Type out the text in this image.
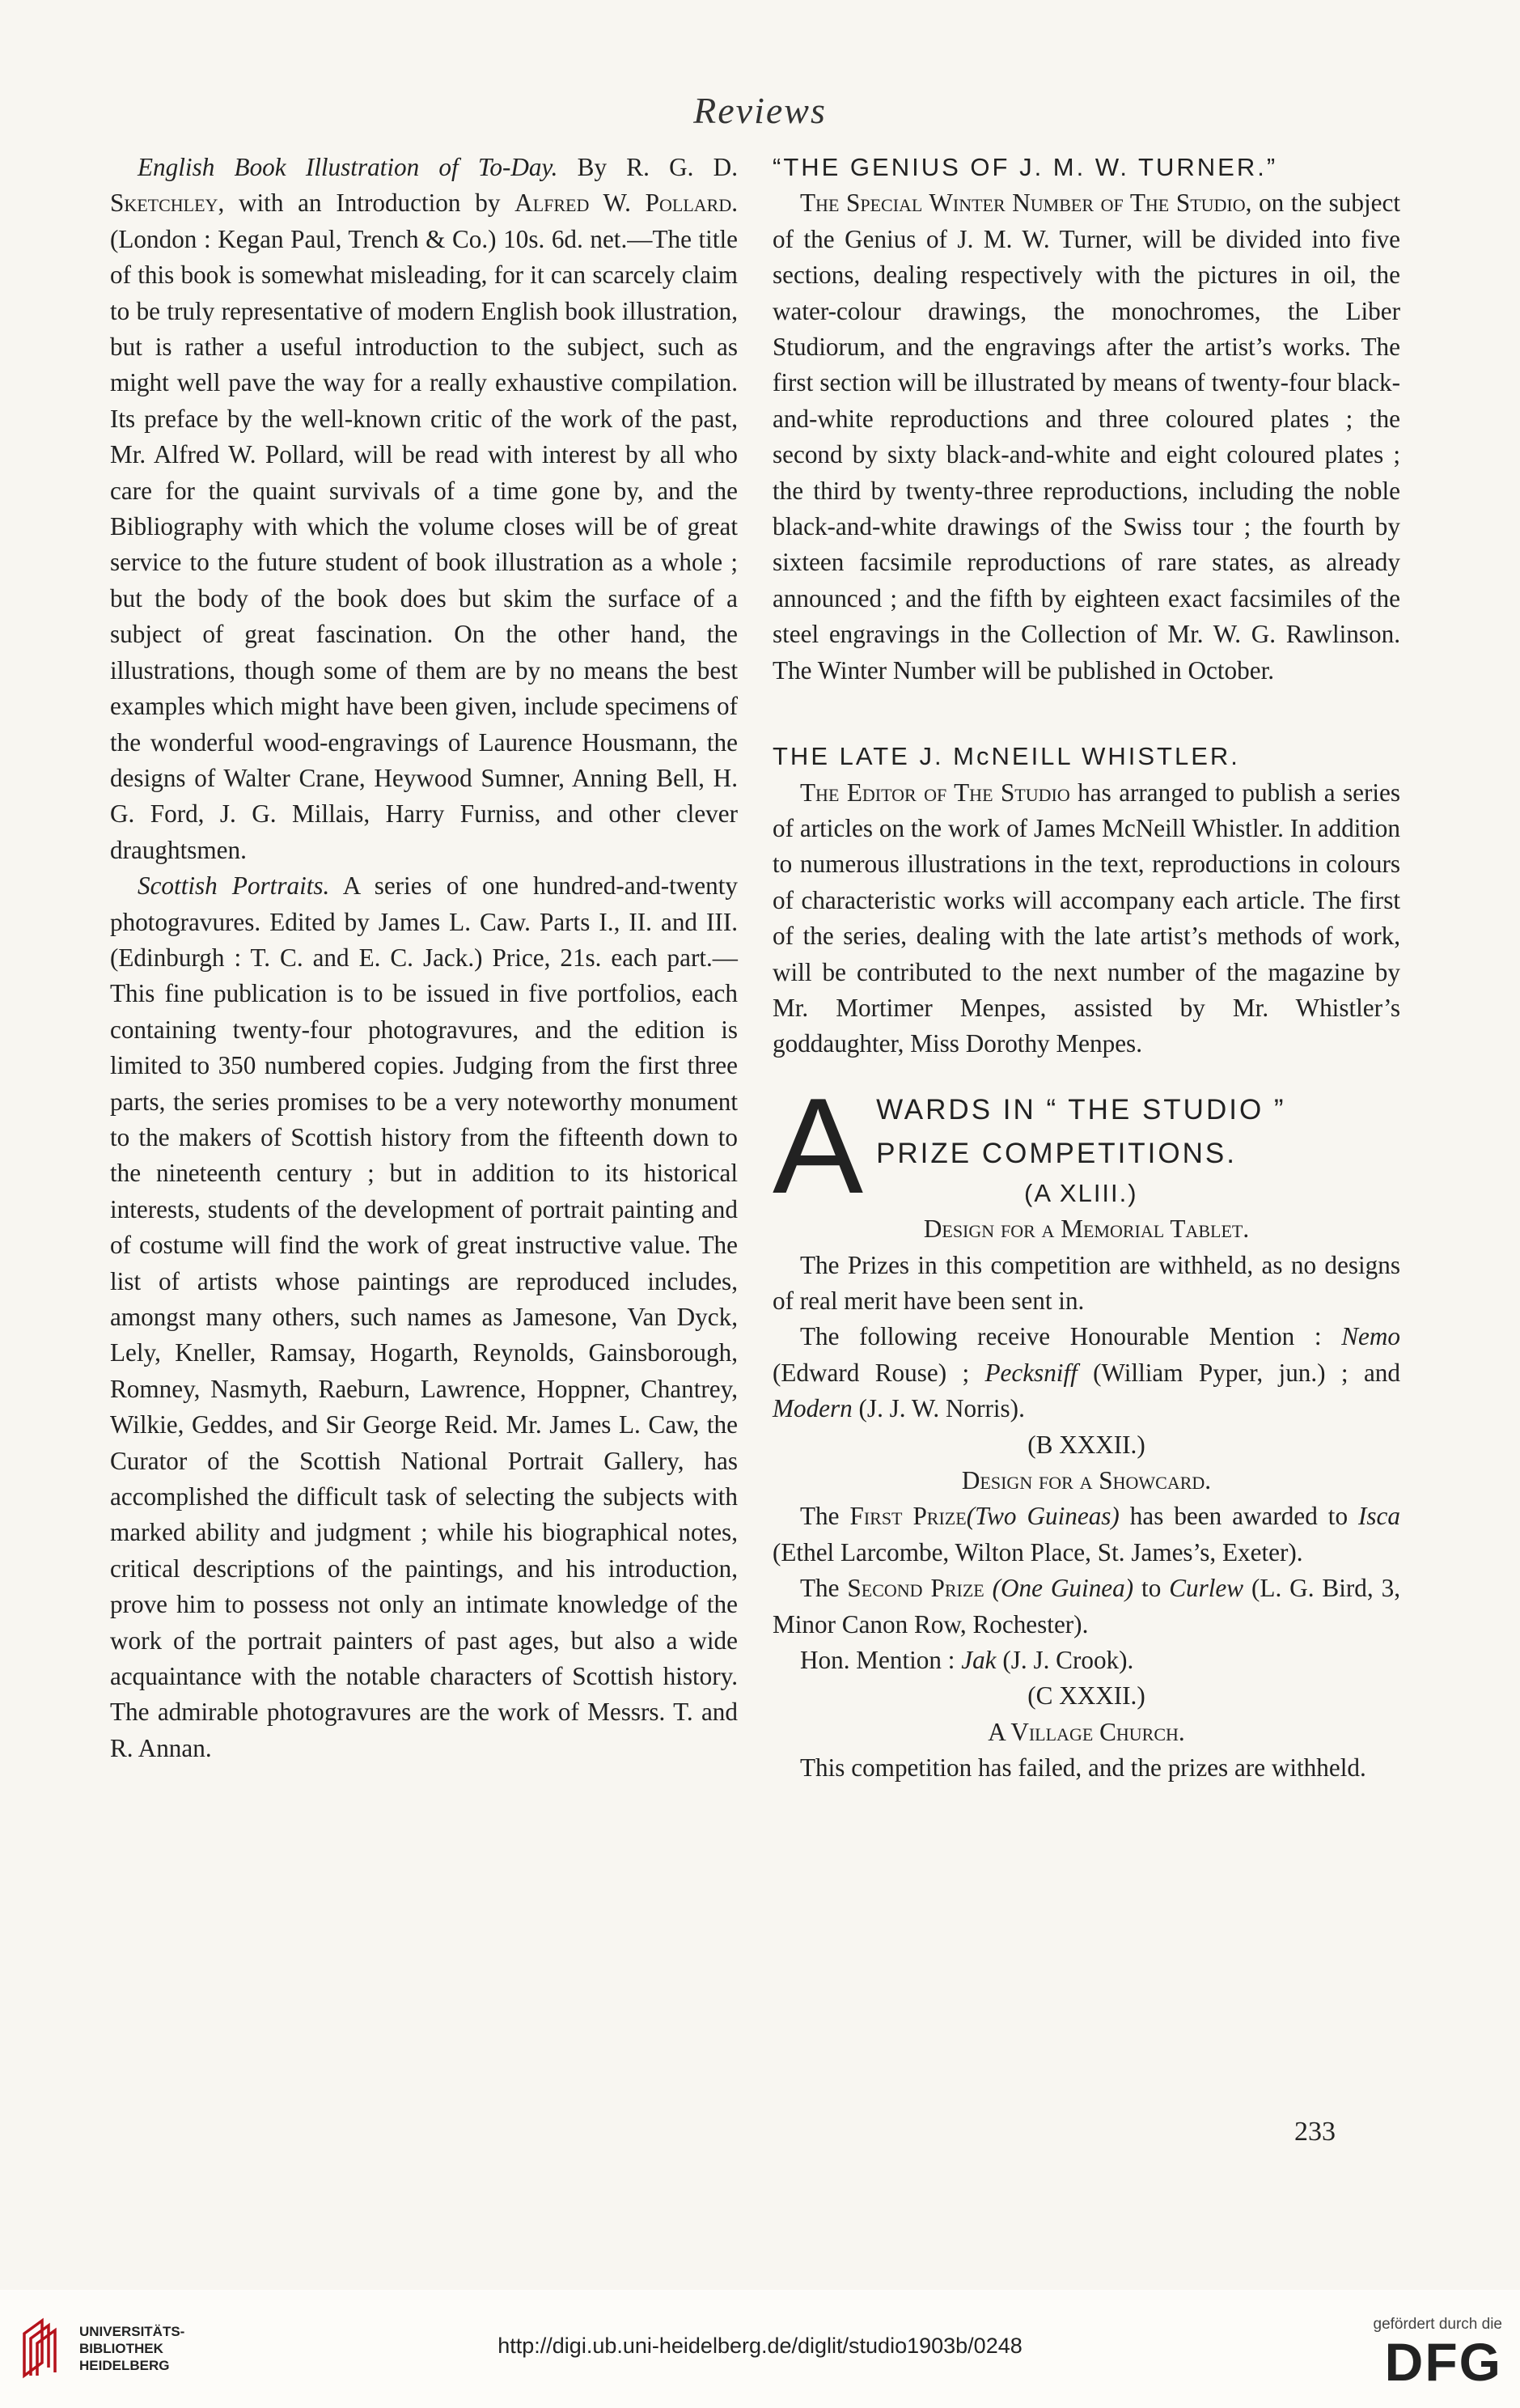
Reviews

English Book Illustration of To-Day. By R. G. D. Sketchley, with an Introduction by Alfred W. Pollard. (London : Kegan Paul, Trench & Co.) 10s. 6d. net.—The title of this book is somewhat misleading, for it can scarcely claim to be truly representative of modern English book illustration, but is rather a useful introduction to the subject, such as might well pave the way for a really exhaustive compilation. Its preface by the well-known critic of the work of the past, Mr. Alfred W. Pollard, will be read with interest by all who care for the quaint survivals of a time gone by, and the Bibliography with which the volume closes will be of great service to the future student of book illustration as a whole ; but the body of the book does but skim the surface of a subject of great fascination. On the other hand, the illustrations, though some of them are by no means the best examples which might have been given, include specimens of the wonderful wood-engravings of Laurence Housmann, the designs of Walter Crane, Heywood Sumner, Anning Bell, H. G. Ford, J. G. Millais, Harry Furniss, and other clever draughtsmen.

Scottish Portraits. A series of one hundred-and-twenty photogravures. Edited by James L. Caw. Parts I., II. and III. (Edinburgh : T. C. and E. C. Jack.) Price, 21s. each part.—This fine publication is to be issued in five portfolios, each containing twenty-four photogravures, and the edition is limited to 350 numbered copies. Judging from the first three parts, the series promises to be a very noteworthy monument to the makers of Scottish history from the fifteenth down to the nineteenth century ; but in addition to its historical interests, students of the development of portrait painting and of costume will find the work of great instructive value. The list of artists whose paintings are reproduced includes, amongst many others, such names as Jamesone, Van Dyck, Lely, Kneller, Ramsay, Hogarth, Reynolds, Gainsborough, Romney, Nasmyth, Raeburn, Lawrence, Hoppner, Chantrey, Wilkie, Geddes, and Sir George Reid. Mr. James L. Caw, the Curator of the Scottish National Portrait Gallery, has accomplished the difficult task of selecting the subjects with marked ability and judgment ; while his biographical notes, critical descriptions of the paintings, and his introduction, prove him to possess not only an intimate knowledge of the work of the portrait painters of past ages, but also a wide acquaintance with the notable characters of Scottish history. The admirable photogravures are the work of Messrs. T. and R. Annan.

“THE GENIUS OF J. M. W. TURNER.”

The Special Winter Number of The Studio, on the subject of the Genius of J. M. W. Turner, will be divided into five sections, dealing respectively with the pictures in oil, the water-colour drawings, the monochromes, the Liber Studiorum, and the engravings after the artist’s works. The first section will be illustrated by means of twenty-four black-and-white reproductions and three coloured plates ; the second by sixty black-and-white and eight coloured plates ; the third by twenty-three reproductions, including the noble black-and-white drawings of the Swiss tour ; the fourth by sixteen facsimile reproductions of rare states, as already announced ; and the fifth by eighteen exact facsimiles of the steel engravings in the Collection of Mr. W. G. Rawlinson. The Winter Number will be published in October.

THE LATE J. McNEILL WHISTLER.

The Editor of The Studio has arranged to publish a series of articles on the work of James McNeill Whistler. In addition to numerous illustrations in the text, reproductions in colours of characteristic works will accompany each article. The first of the series, dealing with the late artist’s methods of work, will be contributed to the next number of the magazine by Mr. Mortimer Menpes, assisted by Mr. Whistler’s goddaughter, Miss Dorothy Menpes.

A WARDS IN “ THE STUDIO ”
PRIZE COMPETITIONS.
(A XLIII.)

Design for a Memorial Tablet.

The Prizes in this competition are withheld, as no designs of real merit have been sent in.

The following receive Honourable Mention : Nemo (Edward Rouse) ; Pecksniff (William Pyper, jun.) ; and Modern (J. J. W. Norris).

(B XXXII.)

Design for a Showcard.

The First Prize(Two Guineas) has been awarded to Isca (Ethel Larcombe, Wilton Place, St. James’s, Exeter).

The Second Prize (One Guinea) to Curlew (L. G. Bird, 3, Minor Canon Row, Rochester).

Hon. Mention : Jak (J. J. Crook).

(C XXXII.)

A Village Church.

This competition has failed, and the prizes are withheld.

233
UNIVERSITÄTS-
BIBLIOTHEK
HEIDELBERG
http://digi.ub.uni-heidelberg.de/diglit/studio1903b/0248
gefördert durch die
DFG
